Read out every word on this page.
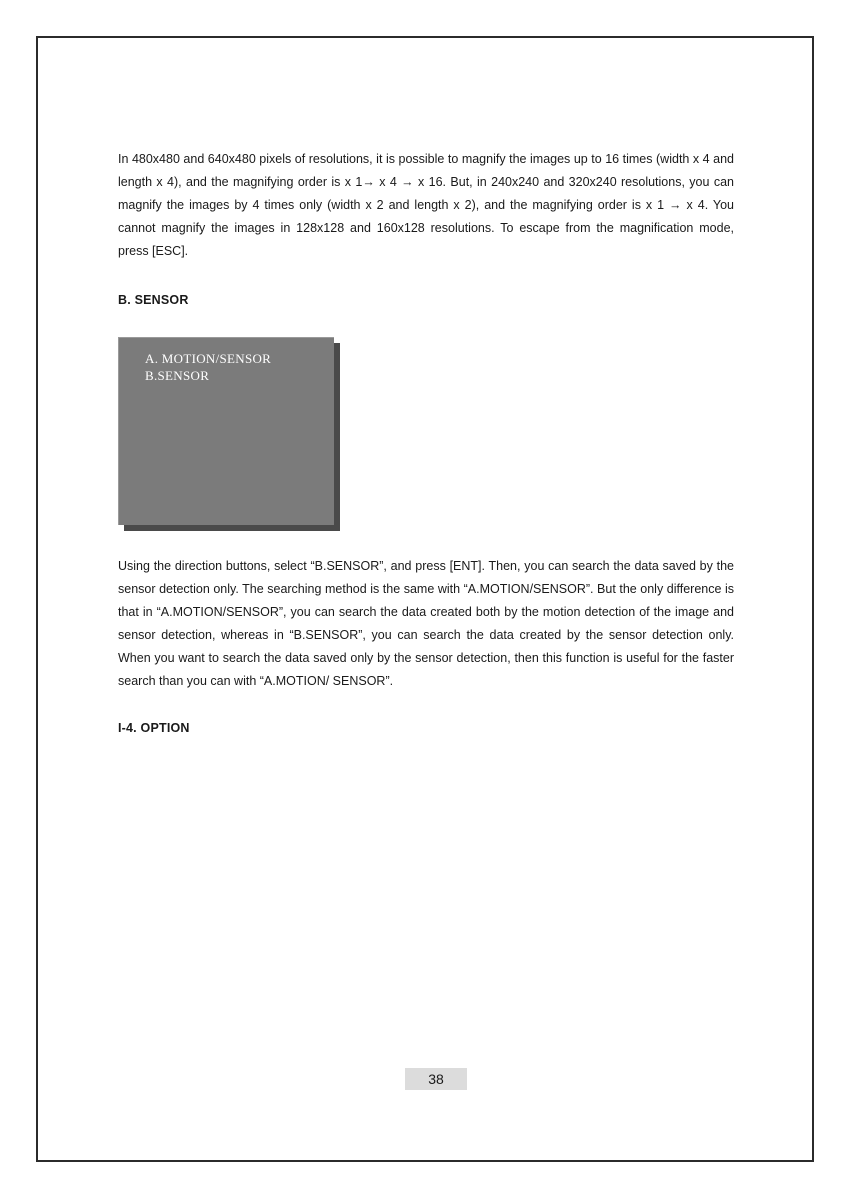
In 480x480 and 640x480 pixels of resolutions, it is possible to magnify the images up to 16 times (width x 4 and length x 4), and the magnifying order is x 1→ x 4 → x 16. But, in 240x240 and 320x240 resolutions, you can magnify the images by 4 times only (width x 2 and length x 2), and the magnifying order is x 1 → x 4. You cannot magnify the images in 128x128 and 160x128 resolutions. To escape from the magnification mode, press [ESC].

B. SENSOR

A. MOTION/SENSOR
B.SENSOR

Using the direction buttons, select “B.SENSOR”, and press [ENT]. Then, you can search the data saved by the sensor detection only. The searching method is the same with “A.MOTION/SENSOR”. But the only difference is that in “A.MOTION/SENSOR”, you can search the data created both by the motion detection of the image and sensor detection, whereas in “B.SENSOR”, you can search the data created by the sensor detection only. When you want to search the data saved only by the sensor detection, then this function is useful for the faster search than you can with “A.MOTION/ SENSOR”.

I-4. OPTION

38
